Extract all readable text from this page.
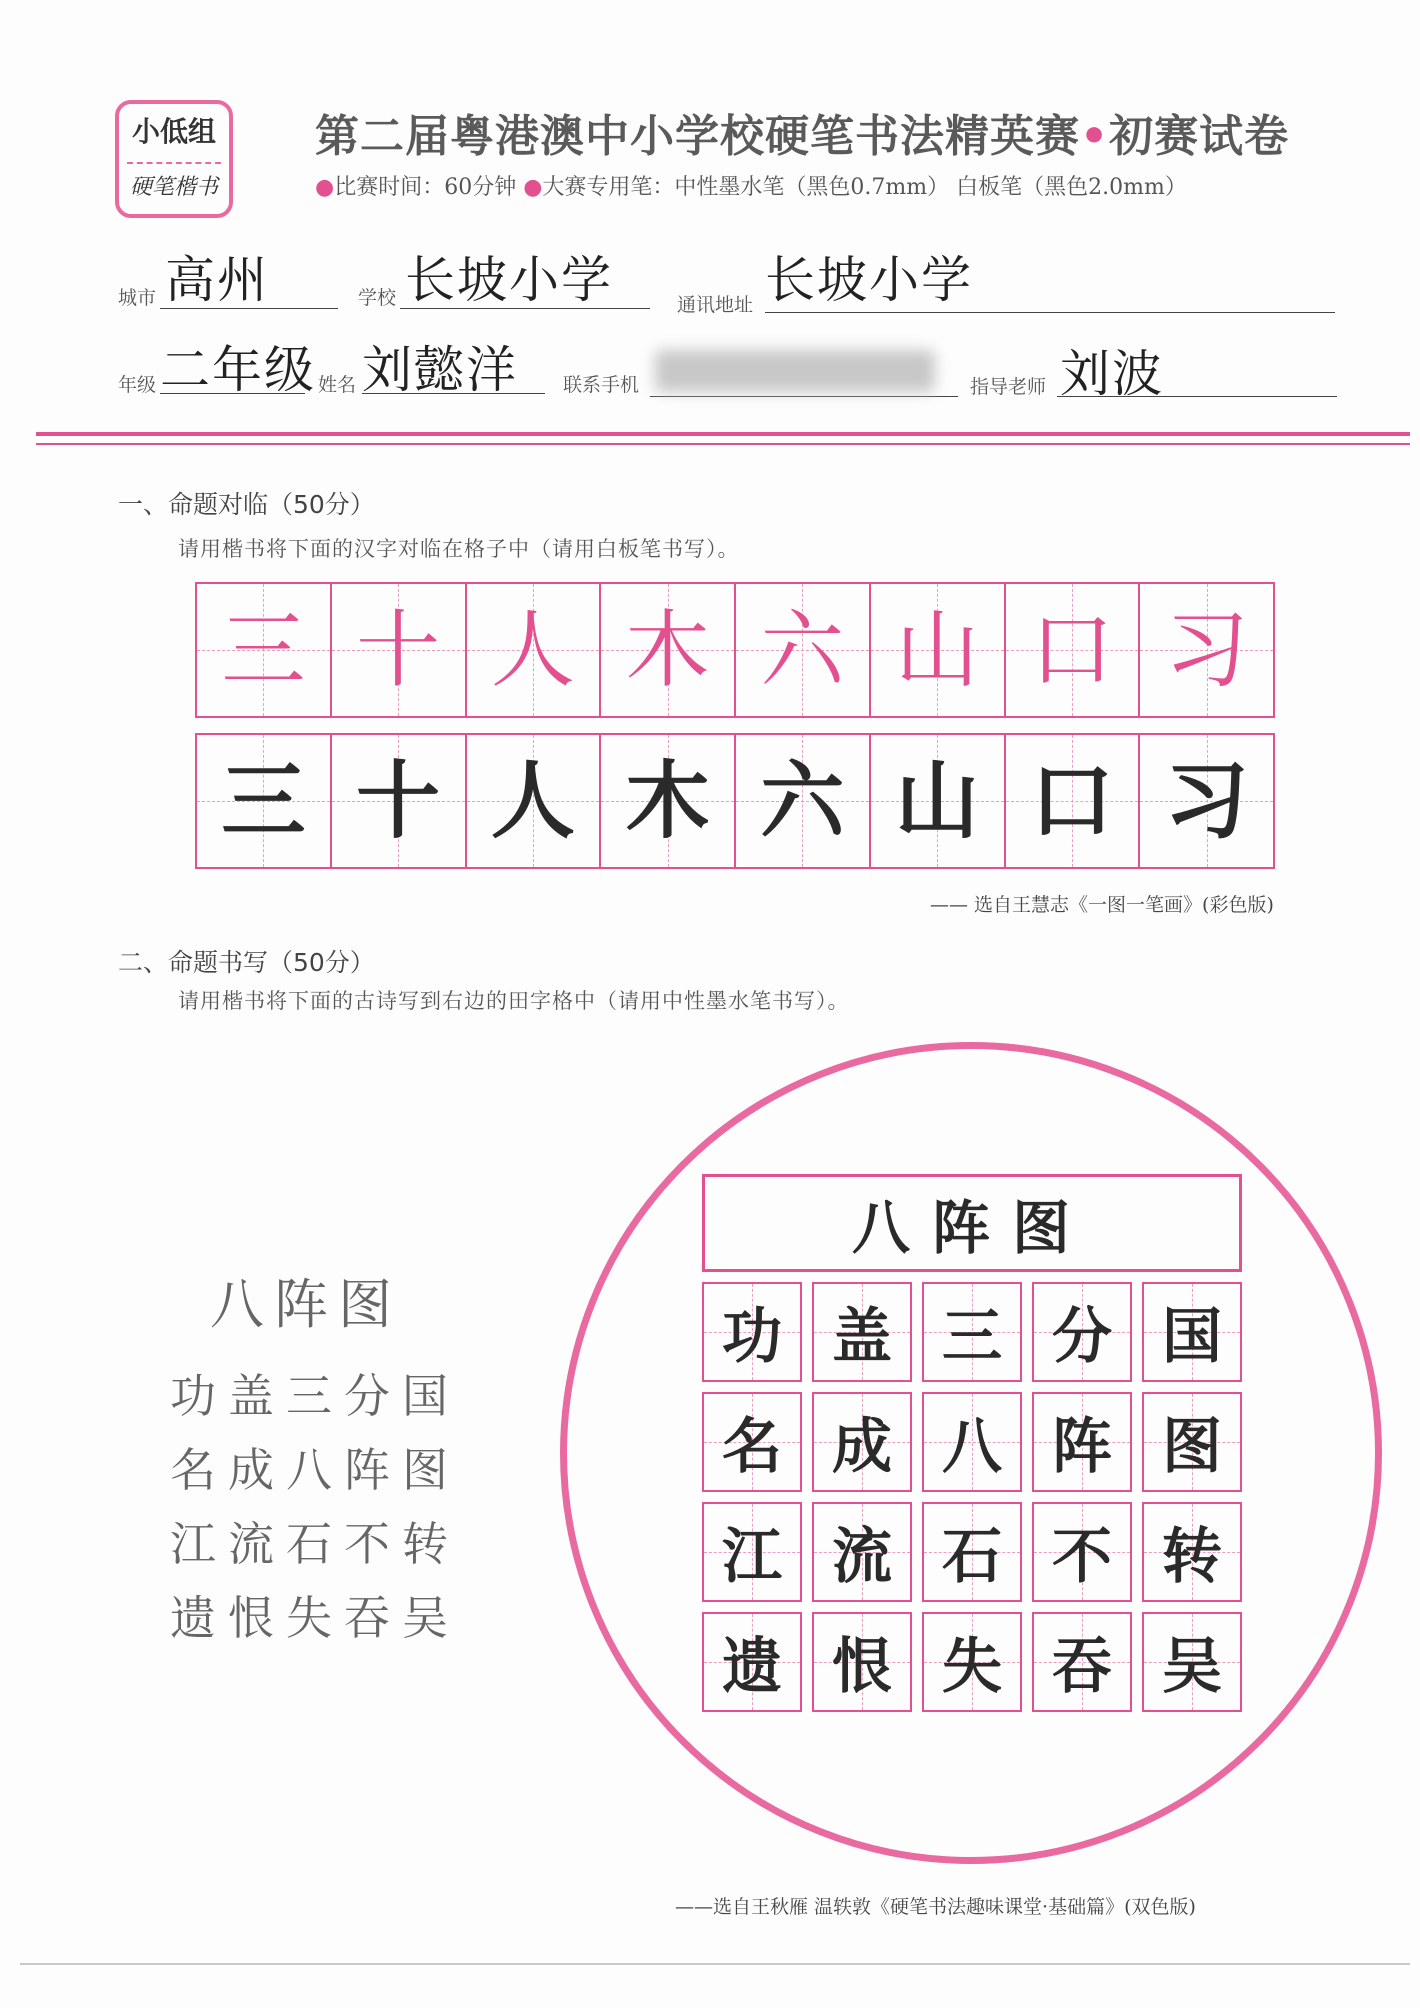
小低组
硬笔楷书
第二届粤港澳中小学校硬笔书法精英赛•初赛试卷
●比赛时间：60分钟 ●大赛专用笔：中性墨水笔（黑色0.7mm） 白板笔（黑色2.0mm）
城市 高州	学校 长坡小学	通讯地址 长坡小学
年级 二年级 姓名 刘懿洋 联系手机	指导老师 刘波
一、命题对临（50分）
请用楷书将下面的汉字对临在格子中（请用白板笔书写）。
三 十 人 木 六 山 口 习
三 十 人 木 六 山 口 习
—— 选自王慧志《一图一笔画》(彩色版)
二、命题书写（50分）
请用楷书将下面的古诗写到右边的田字格中（请用中性墨水笔书写）。
八阵图
功盖三分国
名成八阵图
江流石不转
遗恨失吞吴
八阵图
功 盖 三 分 国
名 成 八 阵 图
江 流 石 不 转
遗 恨 失 吞 吴
——选自王秋雁 温轶敦《硬笔书法趣味课堂·基础篇》(双色版)
